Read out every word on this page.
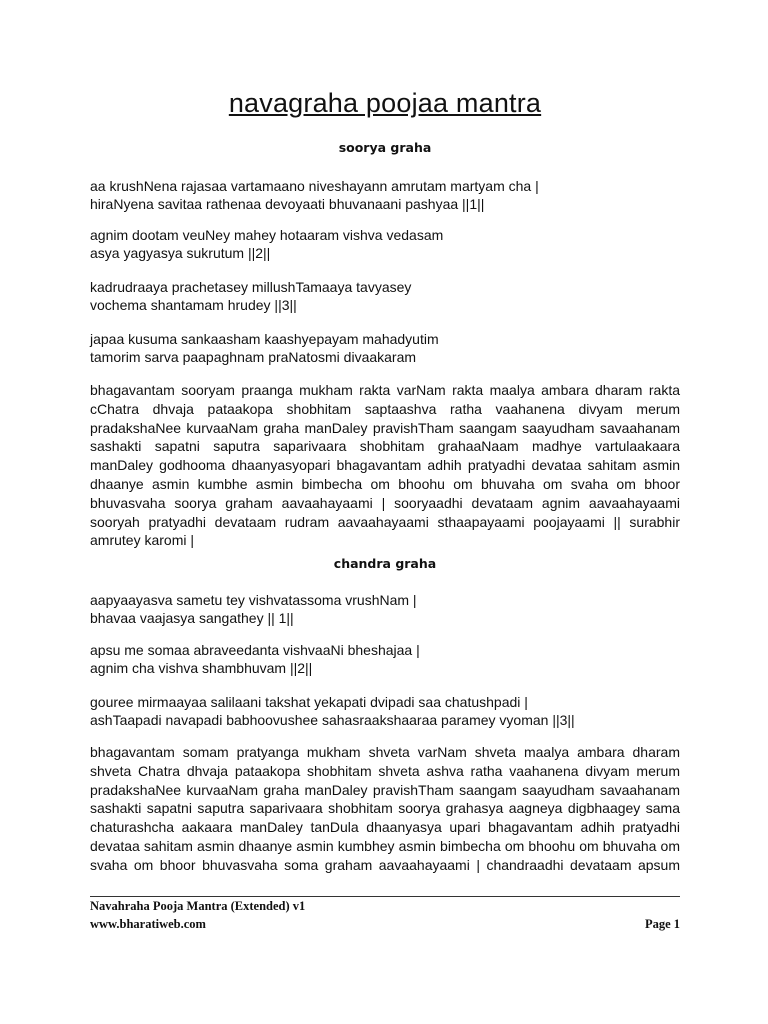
navagraha poojaa mantra
soorya graha
aa krushNena rajasaa vartamaano niveshayann amrutam martyam cha |
hiraNyena savitaa rathenaa devoyaati bhuvanaani pashyaa ||1||
agnim dootam veuNey mahey hotaaram vishva vedasam
asya yagyasya sukrutum ||2||
kadrudraaya prachetasey millushTamaaya tavyasey
vochema shantamam hrudey ||3||
japaa kusuma sankaasham kaashyepayam mahadyutim
tamorim sarva paapaghnam praNatosmi divaakaram
bhagavantam sooryam praanga mukham rakta varNam rakta maalya ambara dharam rakta cChatra dhvaja pataakopa shobhitam saptaashva ratha vaahanena divyam merum pradakshaNee kurvaaNam graha manDaley pravishTham saangam saayudham savaahanam sashakti sapatni saputra saparivaara shobhitam grahaaNaam madhye vartulaakaara manDaley godhooma dhaanyasyopari bhagavantam adhih pratyadhi devataa sahitam asmin dhaanye asmin kumbhe asmin bimbecha om bhoohu om bhuvaha om svaha om bhoor bhuvasvaha soorya graham aavaahayaami | sooryaadhi devataam agnim aavaahayaami sooryah pratyadhi devataam rudram aavaahayaami sthaapayaami poojayaami || surabhir amrutey karomi |
chandra graha
aapyaayasva sametu tey vishvatassoma vrushNam |
bhavaa vaajasya sangathey || 1||
apsu me somaa abraveedanta vishvaaNi bheshajaa |
agnim cha vishva shambhuvam ||2||
gouree mirmaayaa salilaani takshat yekapati dvipadi saa chatushpadi |
ashTaapadi navapadi babhoovushee sahasraakshaaraa paramey vyoman ||3||
bhagavantam somam pratyanga mukham shveta varNam shveta maalya ambara dharam shveta Chatra dhvaja pataakopa shobhitam shveta ashva ratha vaahanena divyam merum pradakshaNee kurvaaNam graha manDaley pravishTham saangam saayudham savaahanam sashakti sapatni saputra saparivaara shobhitam soorya grahasya aagneya digbhaagey sama chaturashcha aakaara manDaley tanDula dhaanyasya upari bhagavantam adhih pratyadhi devataa sahitam asmin dhaanye asmin kumbhey asmin bimbecha om bhoohu om bhuvaha om svaha om bhoor bhuvasvaha soma graham aavaahayaami | chandraadhi devataam apsum
Navahraha Pooja Mantra (Extended) v1
www.bharatiweb.com	Page 1
